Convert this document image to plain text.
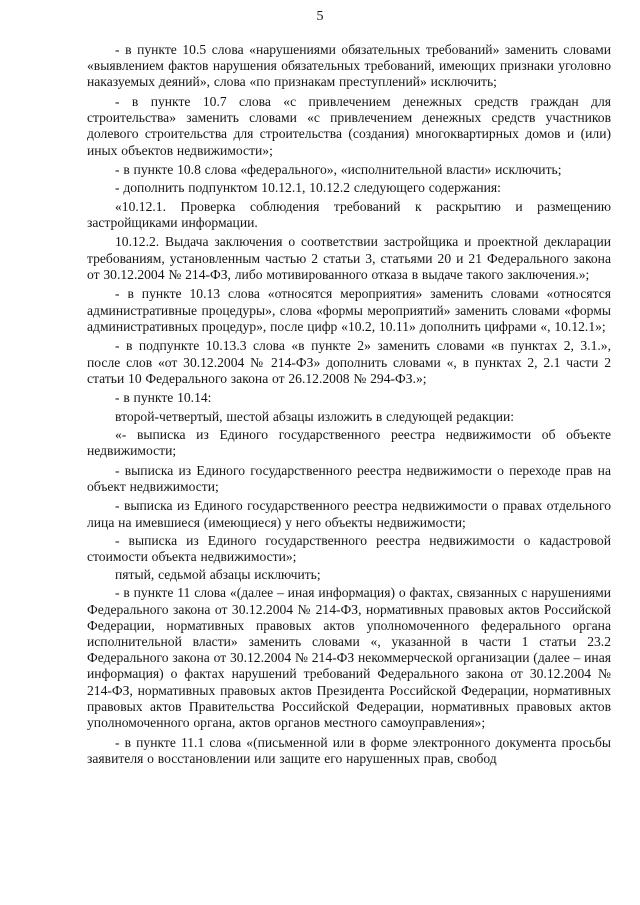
5

- в пункте 10.5 слова «нарушениями обязательных требований» заменить словами «выявлением фактов нарушения обязательных требований, имеющих признаки уголовно наказуемых деяний», слова «по признакам преступлений» исключить;

- в пункте 10.7 слова «с привлечением денежных средств граждан для строительства» заменить словами «с привлечением денежных средств участников долевого строительства для строительства (создания) многоквартирных домов и (или) иных объектов недвижимости»;

- в пункте 10.8 слова «федерального», «исполнительной власти» исключить;

- дополнить подпунктом 10.12.1, 10.12.2 следующего содержания:

«10.12.1. Проверка соблюдения требований к раскрытию и размещению застройщиками информации.

10.12.2. Выдача заключения о соответствии застройщика и проектной декларации требованиям, установленным частью 2 статьи 3, статьями 20 и 21 Федерального закона от 30.12.2004 № 214-ФЗ, либо мотивированного отказа в выдаче такого заключения.»;

- в пункте 10.13 слова «относятся мероприятия» заменить словами «относятся административные процедуры», слова «формы мероприятий» заменить словами «формы административных процедур», после цифр «10.2, 10.11» дополнить цифрами «, 10.12.1»;

- в подпункте 10.13.3 слова «в пункте 2» заменить словами «в пунктах 2, 3.1.», после слов «от 30.12.2004 № 214-ФЗ» дополнить словами «, в пунктах 2, 2.1 части 2 статьи 10 Федерального закона от 26.12.2008 № 294-ФЗ.»;

- в пункте 10.14:

второй-четвертый, шестой абзацы изложить в следующей редакции:

«- выписка из Единого государственного реестра недвижимости об объекте недвижимости;

- выписка из Единого государственного реестра недвижимости о переходе прав на объект недвижимости;

- выписка из Единого государственного реестра недвижимости о правах отдельного лица на имевшиеся (имеющиеся) у него объекты недвижимости;

- выписка из Единого государственного реестра недвижимости о кадастровой стоимости объекта недвижимости»;

пятый, седьмой абзацы исключить;

- в пункте 11 слова «(далее – иная информация) о фактах, связанных с нарушениями Федерального закона от 30.12.2004 № 214-ФЗ, нормативных правовых актов Российской Федерации, нормативных правовых актов уполномоченного федерального органа исполнительной власти» заменить словами «, указанной в части 1 статьи 23.2 Федерального закона от 30.12.2004 № 214-ФЗ некоммерческой организации (далее – иная информация) о фактах нарушений требований Федерального закона от 30.12.2004 № 214-ФЗ, нормативных правовых актов Президента Российской Федерации, нормативных правовых актов Правительства Российской Федерации, нормативных правовых актов уполномоченного органа, актов органов местного самоуправления»;

- в пункте 11.1 слова «(письменной или в форме электронного документа просьбы заявителя о восстановлении или защите его нарушенных прав, свобод
